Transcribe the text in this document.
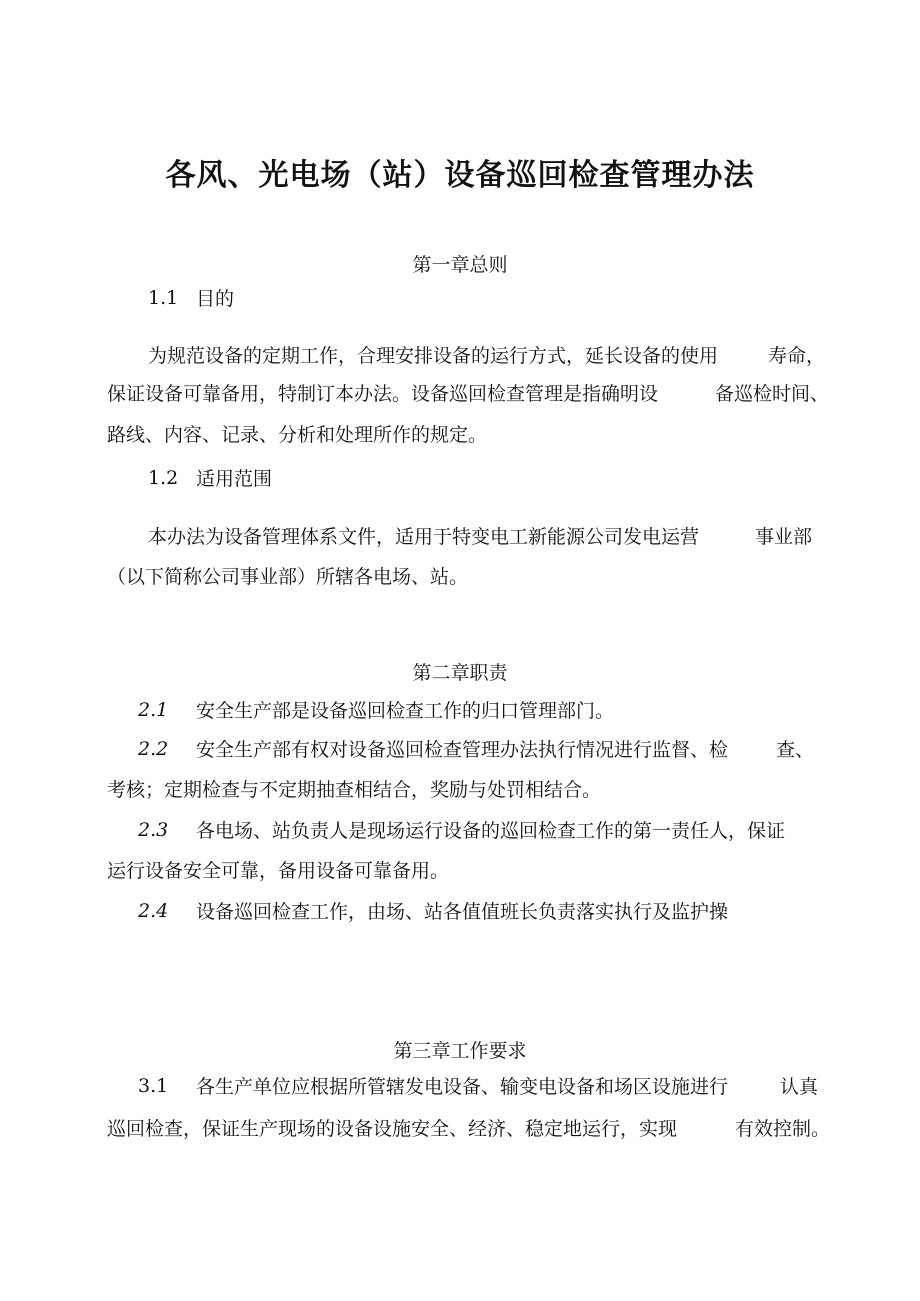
各风、光电场（站）设备巡回检查管理办法
第一章总则
1.1 目的
为规范设备的定期工作，合理安排设备的运行方式，延长设备的使用	寿命，
保证设备可靠备用，特制订本办法。设备巡回检查管理是指确明设	备巡检时间、
路线、内容、记录、分析和处理所作的规定。
1.2 适用范围
本办法为设备管理体系文件，适用于特变电工新能源公司发电运营	事业部
（以下简称公司事业部）所辖各电场、站。
第二章职责
2.1 安全生产部是设备巡回检查工作的归口管理部门。
2.2 安全生产部有权对设备巡回检查管理办法执行情况进行监督、检	查、
考核；定期检查与不定期抽查相结合，奖励与处罚相结合。
2.3 各电场、站负责人是现场运行设备的巡回检查工作的第一责任人，保证
运行设备安全可靠，备用设备可靠备用。
2.4 设备巡回检查工作，由场、站各值值班长负责落实执行及监护操
第三章工作要求
3.1 各生产单位应根据所管辖发电设备、输变电设备和场区设施进行	认真
巡回检查，保证生产现场的设备设施安全、经济、稳定地运行，实现	有效控制。
